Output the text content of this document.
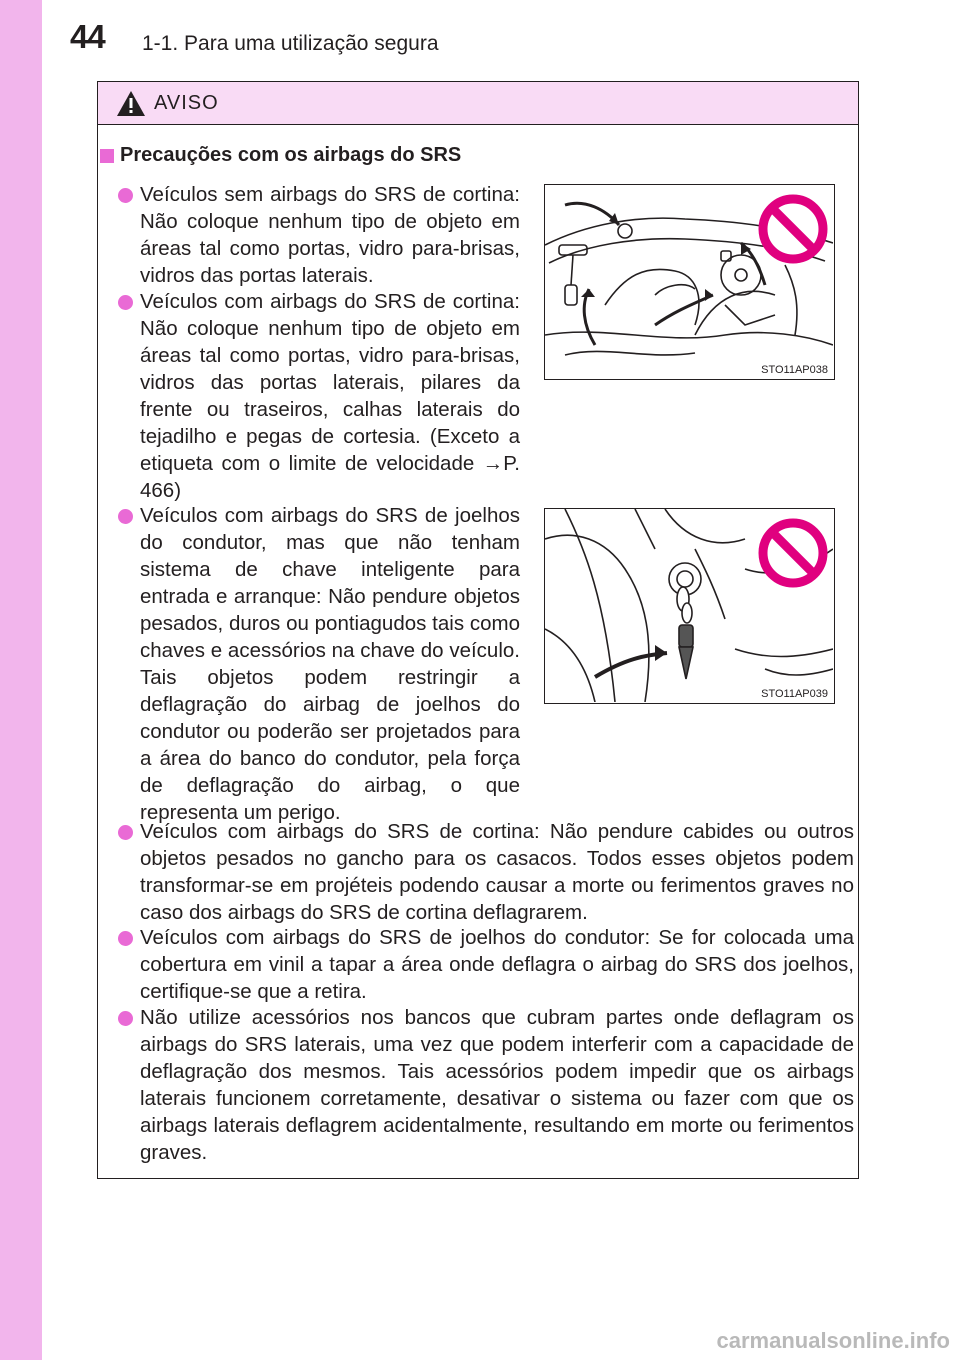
44 1-1. Para uma utilização segura
AVISO
Precauções com os airbags do SRS
Veículos sem airbags do SRS de cortina: Não coloque nenhum tipo de objeto em áreas tal como portas, vidro para-brisas, vidros das portas laterais.
Veículos com airbags do SRS de cortina: Não coloque nenhum tipo de objeto em áreas tal como portas, vidro para-brisas, vidros das portas laterais, pilares da frente ou traseiros, calhas laterais do tejadilho e pegas de cortesia. (Exceto a etiqueta com o limite de velocidade →P. 466)
STO11AP038
Veículos com airbags do SRS de joelhos do condutor, mas que não tenham sistema de chave inteligente para entrada e arranque: Não pendure objetos pesados, duros ou pontiagudos tais como chaves e acessórios na chave do veículo. Tais objetos podem restringir a deflagração do airbag de joelhos do condutor ou poderão ser projetados para a área do banco do condutor, pela força de deflagração do airbag, o que representa um perigo.
STO11AP039
Veículos com airbags do SRS de cortina: Não pendure cabides ou outros objetos pesados no gancho para os casacos. Todos esses objetos podem transformar-se em projéteis podendo causar a morte ou ferimentos graves no caso dos airbags do SRS de cortina deflagrarem.
Veículos com airbags do SRS de joelhos do condutor: Se for colocada uma cobertura em vinil a tapar a área onde deflagra o airbag do SRS dos joelhos, certifique-se que a retira.
Não utilize acessórios nos bancos que cubram partes onde deflagram os airbags do SRS laterais, uma vez que podem interferir com a capacidade de deflagração dos mesmos. Tais acessórios podem impedir que os airbags laterais funcionem corretamente, desativar o sistema ou fazer com que os airbags laterais deflagrem acidentalmente, resultando em morte ou ferimentos graves.
carmanualsonline.info
